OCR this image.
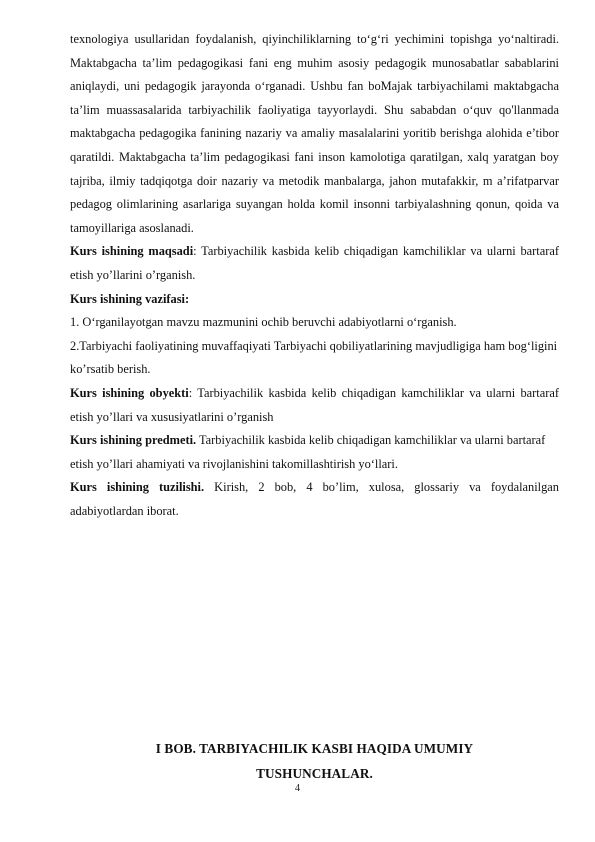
texnologiya usullaridan foydalanish, qiyinchiliklarning to‘g‘ri yechimini topishga yo‘naltiradi. Maktabgacha ta’lim pedagogikasi fani eng muhim asosiy pedagogik munosabatlar sabablarini aniqlaydi, uni pedagogik jarayonda o‘rganadi. Ushbu fan boMajak tarbiyachilami maktabgacha ta’lim muassasalarida tarbiyachilik faoliyatiga tayyorlaydi. Shu sababdan o‘quv qo'llanmada maktabgacha pedagogika fanining nazariy va amaliy masalalarini yoritib berishga alohida e’tibor qaratildi. Maktabgacha ta’lim pedagogikasi fani inson kamolotiga qaratilgan, xalq yaratgan boy tajriba, ilmiy tadqiqotga doir nazariy va metodik manbalarga, jahon mutafakkir, m a’rifatparvar pedagog olimlarining asarlariga suyangan holda komil insonni tarbiyalashning qonun, qoida va tamoyillariga asoslanadi.

Kurs ishining maqsadi: Tarbiyachilik kasbida kelib chiqadigan kamchiliklar va ularni bartaraf etish yo’llarini o’rganish.

Kurs ishining vazifasi:

1. O‘rganilayotgan mavzu mazmunini ochib beruvchi adabiyotlarni o‘rganish.

2.Tarbiyachi faoliyatining muvaffaqiyati Tarbiyachi qobiliyatlarining mavjudligiga ham bog‘ligini ko’rsatib berish.

Kurs ishining obyekti: Tarbiyachilik kasbida kelib chiqadigan kamchiliklar va ularni bartaraf etish yo’llari va xususiyatlarini o’rganish

Kurs ishining predmeti. Tarbiyachilik kasbida kelib chiqadigan kamchiliklar va ularni bartaraf etish yo’llari ahamiyati va rivojlanishini takomillashtirish yo‘llari.

Kurs ishining tuzilishi. Kirish, 2 bob, 4 bo’lim, xulosa, glossariy va foydalanilgan adabiyotlardan iborat.

I BOB. TARBIYACHILIK KASBI HAQIDA UMUMIY
TUSHUNCHALAR.
4
